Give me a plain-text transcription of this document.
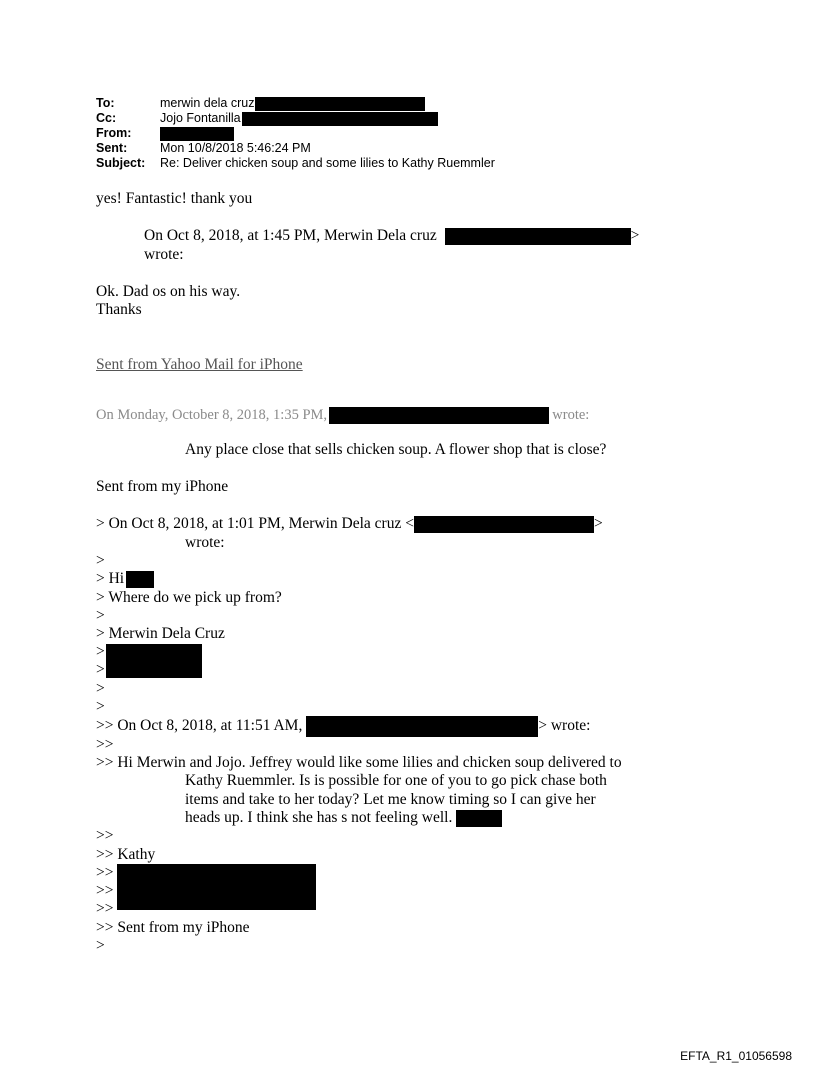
To:	merwin dela cruz
Cc:	Jojo Fontanilla
From:
Sent:	Mon 10/8/2018 5:46:24 PM
Subject:	Re: Deliver chicken soup and some lilies to Kathy Ruemmler
yes! Fantastic! thank you
On Oct 8, 2018, at 1:45 PM, Merwin Dela cruz	>
wrote:
Ok. Dad os on his way.
Thanks
Sent from Yahoo Mail for iPhone
On Monday, October 8, 2018, 1:35 PM,	wrote:
Any place close that sells chicken soup. A flower shop that is close?
Sent from my iPhone
> On Oct 8, 2018, at 1:01 PM, Merwin Dela cruz <	>
wrote:
>
> Hi
> Where do we pick up from?
>
> Merwin Dela Cruz
>
>
>
>
>> On Oct 8, 2018, at 11:51 AM,	> wrote:
>>
>> Hi Merwin and Jojo. Jeffrey would like some lilies and chicken soup delivered to
Kathy Ruemmler. Is is possible for one of you to go pick chase both
items and take to her today? Let me know timing so I can give her
heads up. I think she has s not feeling well.
>>
>> Kathy
>>
>>
>>
>> Sent from my iPhone
>
EFTA_R1_01056598
